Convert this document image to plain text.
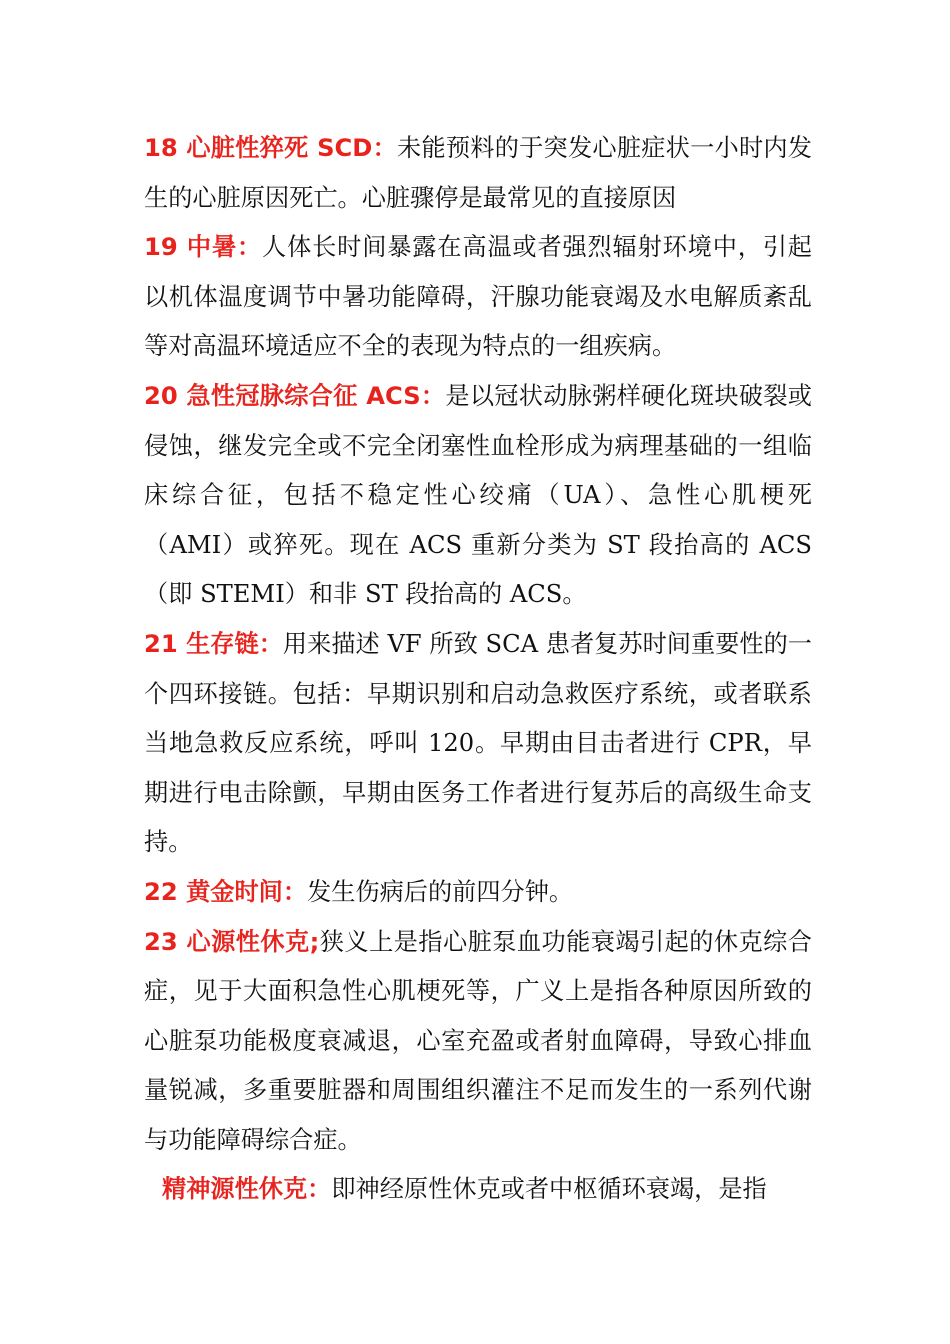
18 心脏性猝死 SCD：未能预料的于突发心脏症状一小时内发生的心脏原因死亡。心脏骤停是最常见的直接原因

19 中暑：人体长时间暴露在高温或者强烈辐射环境中，引起以机体温度调节中暑功能障碍，汗腺功能衰竭及水电解质紊乱等对高温环境适应不全的表现为特点的一组疾病。

20 急性冠脉综合征 ACS：是以冠状动脉粥样硬化斑块破裂或侵蚀，继发完全或不完全闭塞性血栓形成为病理基础的一组临床综合征，包括不稳定性心绞痛（UA）、急性心肌梗死（AMI）或猝死。现在 ACS 重新分类为 ST 段抬高的 ACS（即 STEMI）和非 ST 段抬高的 ACS。

21 生存链：用来描述 VF 所致 SCA 患者复苏时间重要性的一个四环接链。包括：早期识别和启动急救医疗系统，或者联系当地急救反应系统，呼叫 120。早期由目击者进行 CPR，早期进行电击除颤，早期由医务工作者进行复苏后的高级生命支持。

22 黄金时间：发生伤病后的前四分钟。

23 心源性休克;狭义上是指心脏泵血功能衰竭引起的休克综合症，见于大面积急性心肌梗死等，广义上是指各种原因所致的心脏泵功能极度衰减退，心室充盈或者射血障碍，导致心排血量锐减，多重要脏器和周围组织灌注不足而发生的一系列代谢与功能障碍综合症。

精神源性休克：即神经原性休克或者中枢循环衰竭，是指
